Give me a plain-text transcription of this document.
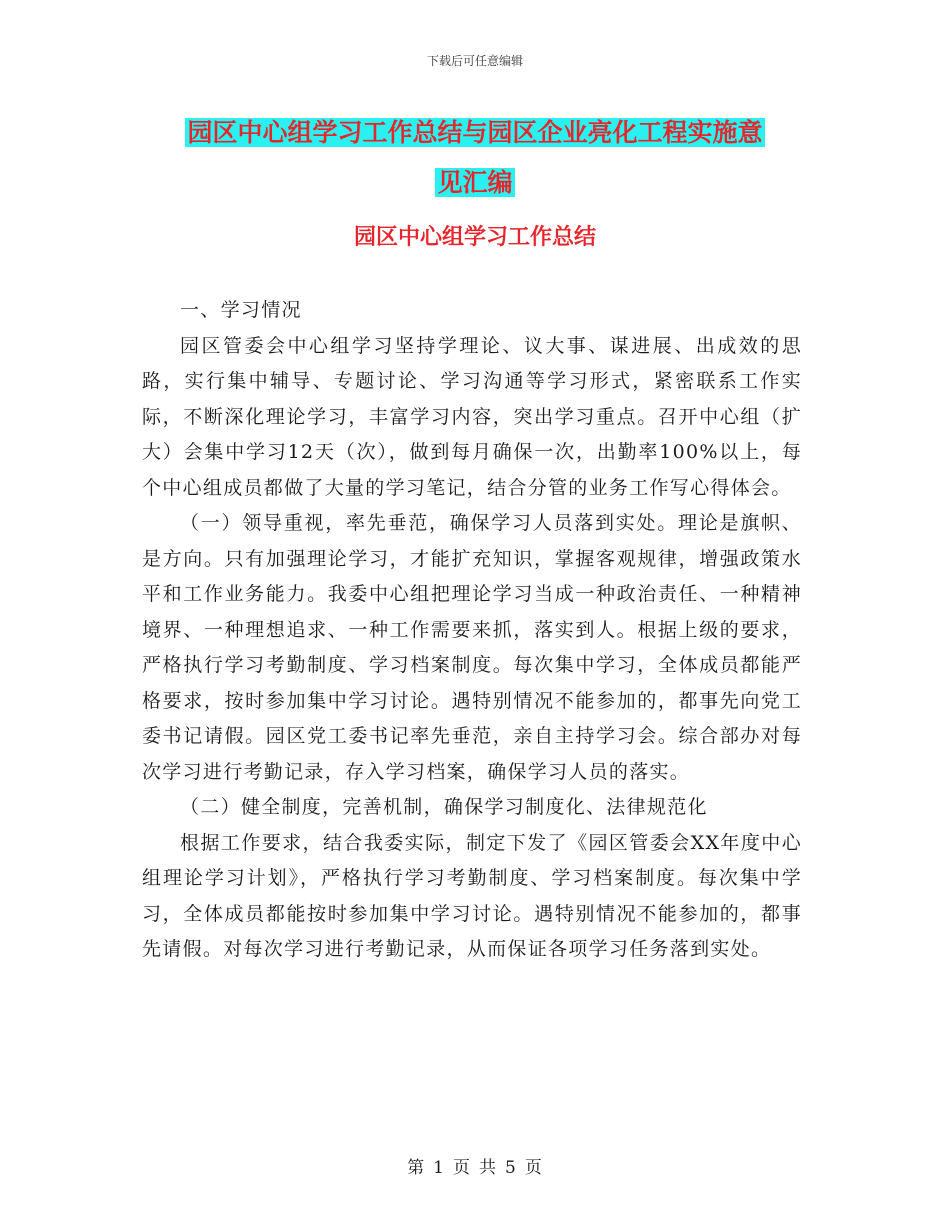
下载后可任意编辑
园区中心组学习工作总结与园区企业亮化工程实施意
见汇编
园区中心组学习工作总结

一、学习情况

园区管委会中心组学习坚持学理论、议大事、谋进展、出成效的思路，实行集中辅导、专题讨论、学习沟通等学习形式，紧密联系工作实际，不断深化理论学习，丰富学习内容，突出学习重点。召开中心组（扩大）会集中学习12天（次），做到每月确保一次，出勤率100%以上，每个中心组成员都做了大量的学习笔记，结合分管的业务工作写心得体会。

（一）领导重视，率先垂范，确保学习人员落到实处。理论是旗帜、是方向。只有加强理论学习，才能扩充知识，掌握客观规律，增强政策水平和工作业务能力。我委中心组把理论学习当成一种政治责任、一种精神境界、一种理想追求、一种工作需要来抓，落实到人。根据上级的要求，严格执行学习考勤制度、学习档案制度。每次集中学习，全体成员都能严格要求，按时参加集中学习讨论。遇特别情况不能参加的，都事先向党工委书记请假。园区党工委书记率先垂范，亲自主持学习会。综合部办对每次学习进行考勤记录，存入学习档案，确保学习人员的落实。

（二）健全制度，完善机制，确保学习制度化、法律规范化

根据工作要求，结合我委实际，制定下发了《园区管委会XX年度中心组理论学习计划》，严格执行学习考勤制度、学习档案制度。每次集中学习，全体成员都能按时参加集中学习讨论。遇特别情况不能参加的，都事先请假。对每次学习进行考勤记录，从而保证各项学习任务落到实处。

第 1 页 共 5 页
